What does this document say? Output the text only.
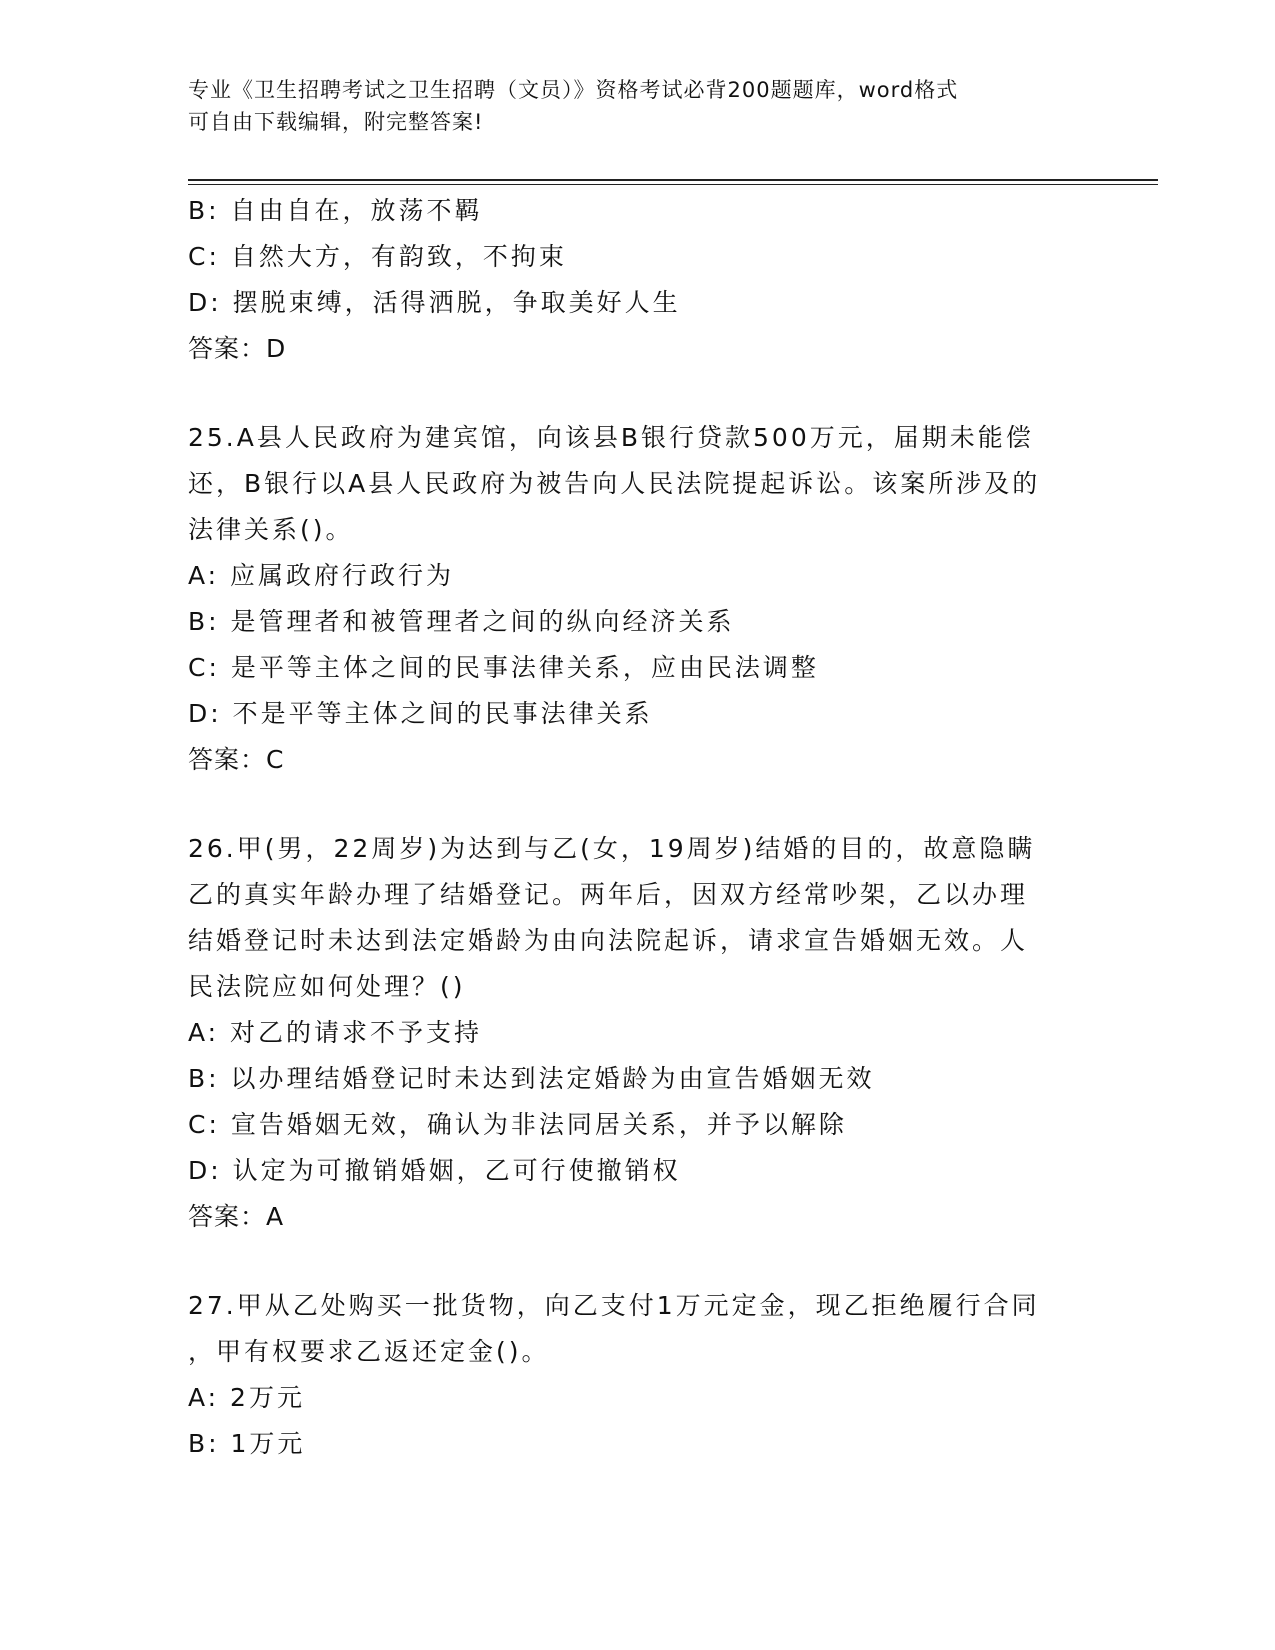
专业《卫生招聘考试之卫生招聘（文员）》资格考试必背200题题库，word格式
可自由下载编辑，附完整答案!
B: 自由自在，放荡不羁
C: 自然大方，有韵致，不拘束
D: 摆脱束缚，活得洒脱，争取美好人生
答案：D
25.A县人民政府为建宾馆，向该县B银行贷款500万元，届期未能偿
还，B银行以A县人民政府为被告向人民法院提起诉讼。该案所涉及的
法律关系()。
A: 应属政府行政行为
B: 是管理者和被管理者之间的纵向经济关系
C: 是平等主体之间的民事法律关系，应由民法调整
D: 不是平等主体之间的民事法律关系
答案：C
26.甲(男，22周岁)为达到与乙(女，19周岁)结婚的目的，故意隐瞒
乙的真实年龄办理了结婚登记。两年后，因双方经常吵架，乙以办理
结婚登记时未达到法定婚龄为由向法院起诉，请求宣告婚姻无效。人
民法院应如何处理？()
A: 对乙的请求不予支持
B: 以办理结婚登记时未达到法定婚龄为由宣告婚姻无效
C: 宣告婚姻无效，确认为非法同居关系，并予以解除
D: 认定为可撤销婚姻，乙可行使撤销权
答案：A
27.甲从乙处购买一批货物，向乙支付1万元定金，现乙拒绝履行合同
，甲有权要求乙返还定金()。
A: 2万元
B: 1万元
